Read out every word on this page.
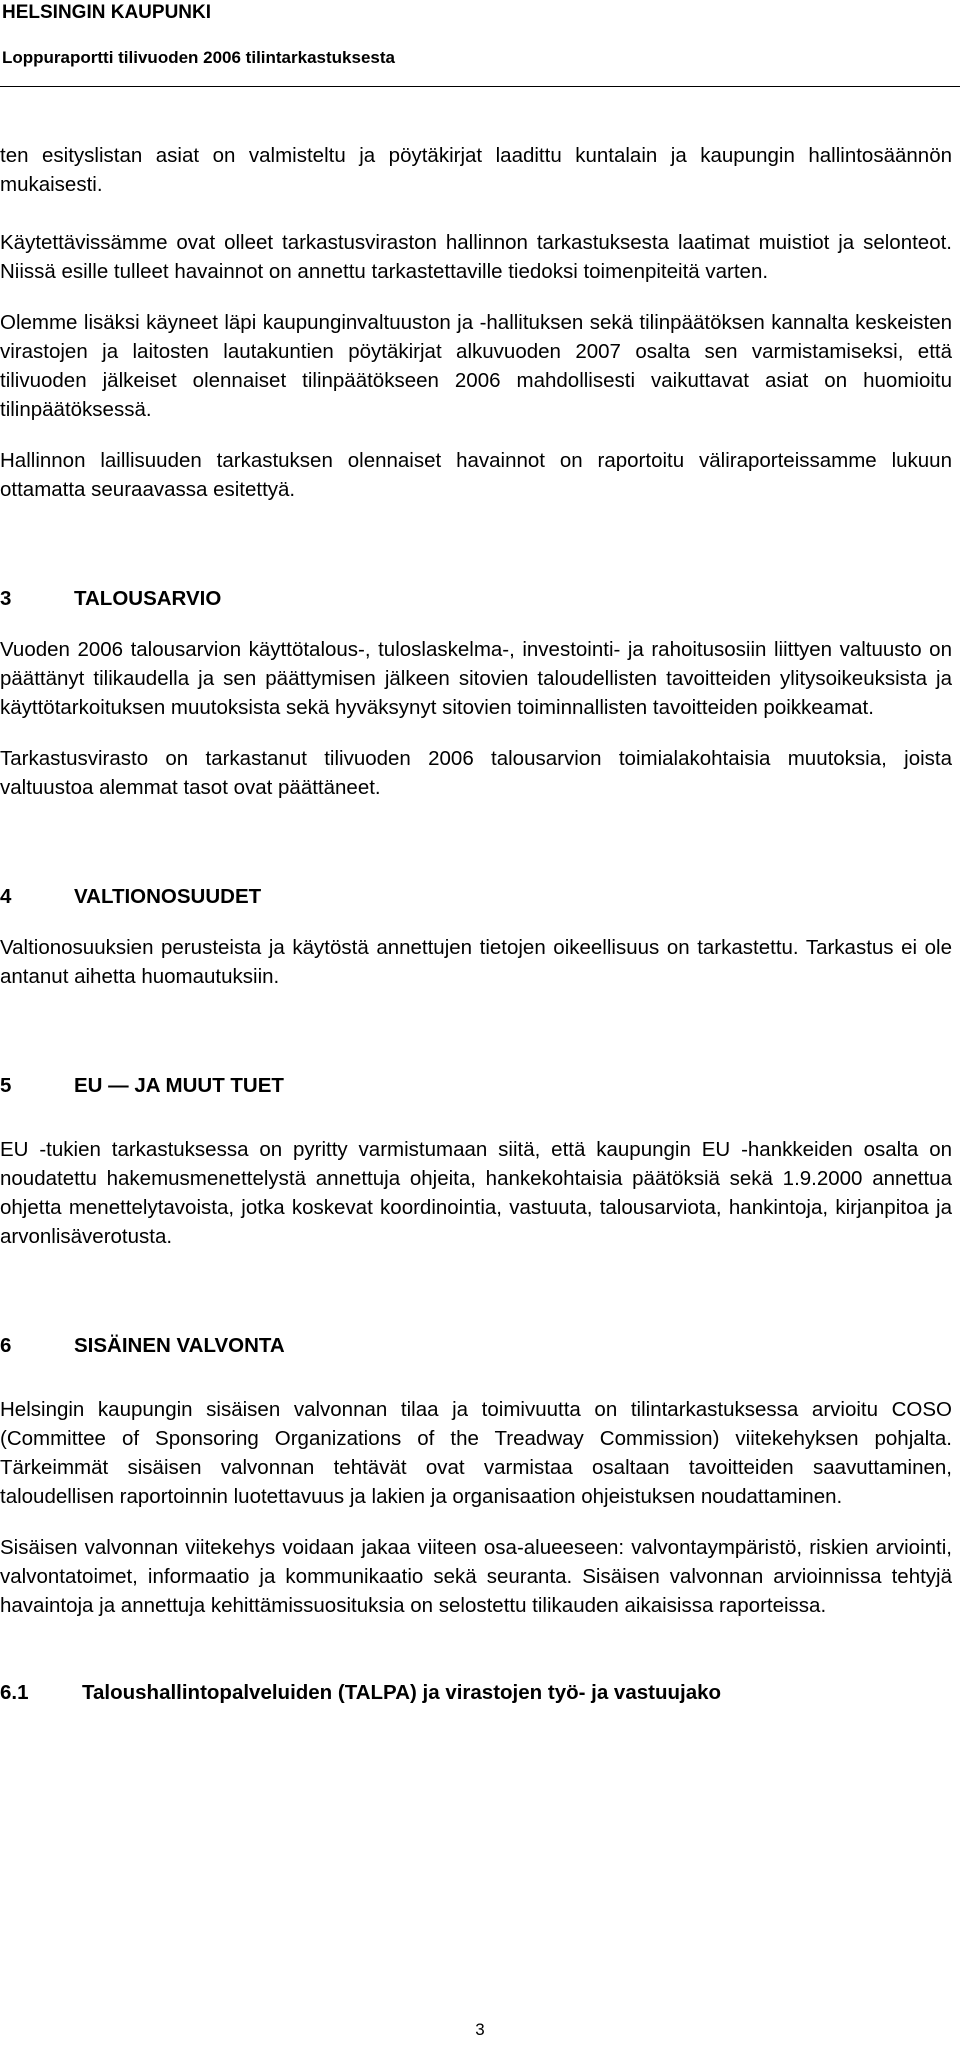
HELSINGIN KAUPUNKI
Loppuraportti tilivuoden 2006 tilintarkastuksesta

ten esityslistan asiat on valmisteltu ja pöytäkirjat laadittu kuntalain ja kaupungin hallintosäännön mukaisesti.

Käytettävissämme ovat olleet tarkastusviraston hallinnon tarkastuksesta laatimat muistiot ja selonteot. Niissä esille tulleet havainnot on annettu tarkastettaville tiedoksi toimenpiteitä varten.

Olemme lisäksi käyneet läpi kaupunginvaltuuston ja -hallituksen sekä tilinpäätöksen kannalta keskeisten virastojen ja laitosten lautakuntien pöytäkirjat alkuvuoden 2007 osalta sen varmistamiseksi, että tilivuoden jälkeiset olennaiset tilinpäätökseen 2006 mahdollisesti vaikuttavat asiat on huomioitu tilinpäätöksessä.

Hallinnon laillisuuden tarkastuksen olennaiset havainnot on raportoitu väliraporteissamme lukuun ottamatta seuraavassa esitettyä.

3	TALOUSARVIO

Vuoden 2006 talousarvion käyttötalous-, tuloslaskelma-, investointi- ja rahoitusosiin liittyen valtuusto on päättänyt tilikaudella ja sen päättymisen jälkeen sitovien taloudellisten tavoitteiden ylitysoikeuksista ja käyttötarkoituksen muutoksista sekä hyväksynyt sitovien toiminnallisten tavoitteiden poikkeamat.

Tarkastusvirasto on tarkastanut tilivuoden 2006 talousarvion toimialakohtaisia muutoksia, joista valtuustoa alemmat tasot ovat päättäneet.

4	VALTIONOSUUDET

Valtionosuuksien perusteista ja käytöstä annettujen tietojen oikeellisuus on tarkastettu. Tarkastus ei ole antanut aihetta huomautuksiin.

5	EU — JA MUUT TUET

EU -tukien tarkastuksessa on pyritty varmistumaan siitä, että kaupungin EU -hankkeiden osalta on noudatettu hakemusmenettelystä annettuja ohjeita, hankekohtaisia päätöksiä sekä 1.9.2000 annettua ohjetta menettelytavoista, jotka koskevat koordinointia, vastuuta, talousarviota, hankintoja, kirjanpitoa ja arvonlisäverotusta.

6	SISÄINEN VALVONTA

Helsingin kaupungin sisäisen valvonnan tilaa ja toimivuutta on tilintarkastuksessa arvioitu COSO (Committee of Sponsoring Organizations of the Treadway Commission) viitekehyksen pohjalta. Tärkeimmät sisäisen valvonnan tehtävät ovat varmistaa osaltaan tavoitteiden saavuttaminen, taloudellisen raportoinnin luotettavuus ja lakien ja organisaation ohjeistuksen noudattaminen.

Sisäisen valvonnan viitekehys voidaan jakaa viiteen osa-alueeseen: valvontaympäristö, riskien arviointi, valvontatoimet, informaatio ja kommunikaatio sekä seuranta. Sisäisen valvonnan arvioinnissa tehtyjä havaintoja ja annettuja kehittämissuosituksia on selostettu tilikauden aikaisissa raporteissa.

6.1	Taloushallintopalveluiden (TALPA) ja virastojen työ- ja vastuujako
3
